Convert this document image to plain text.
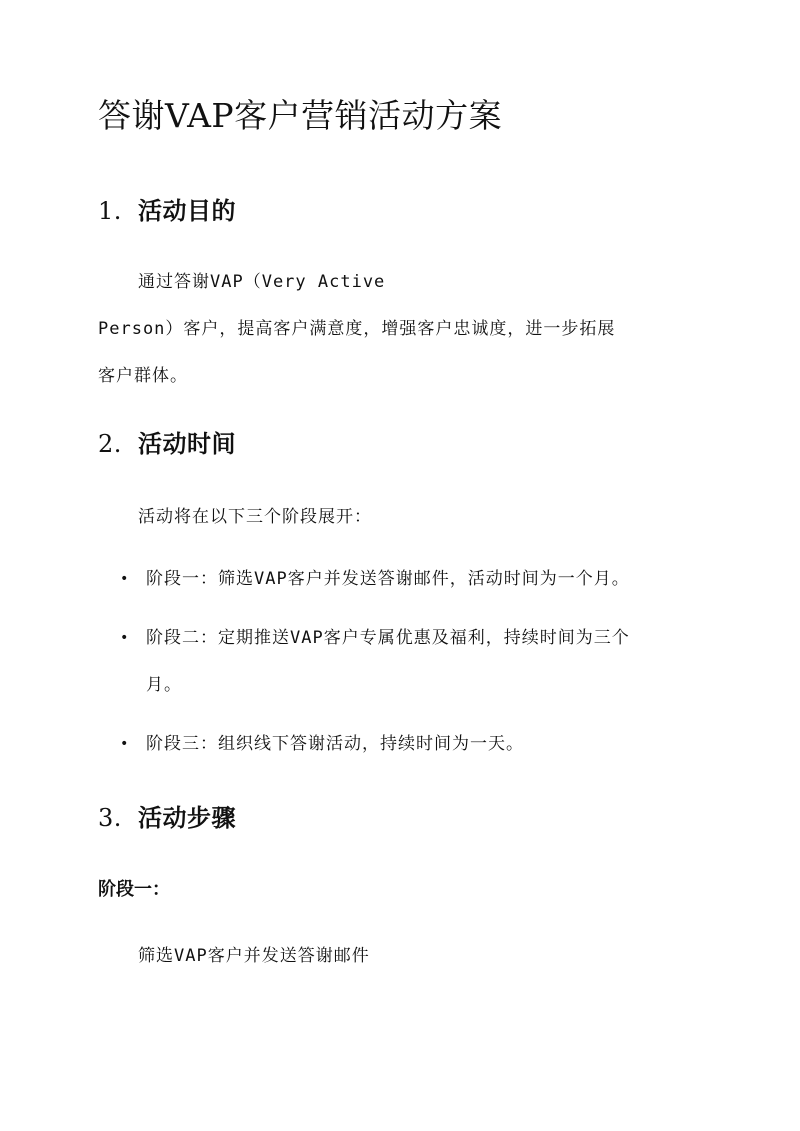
答谢VAP客户营销活动方案
1. 活动目的
通过答谢VAP（Very Active
Person）客户，提高客户满意度，增强客户忠诚度，进一步拓展
客户群体。
2. 活动时间
活动将在以下三个阶段展开：
• 阶段一：筛选VAP客户并发送答谢邮件，活动时间为一个月。
• 阶段二：定期推送VAP客户专属优惠及福利，持续时间为三个
月。
• 阶段三：组织线下答谢活动，持续时间为一天。
3. 活动步骤
阶段一：
筛选VAP客户并发送答谢邮件
